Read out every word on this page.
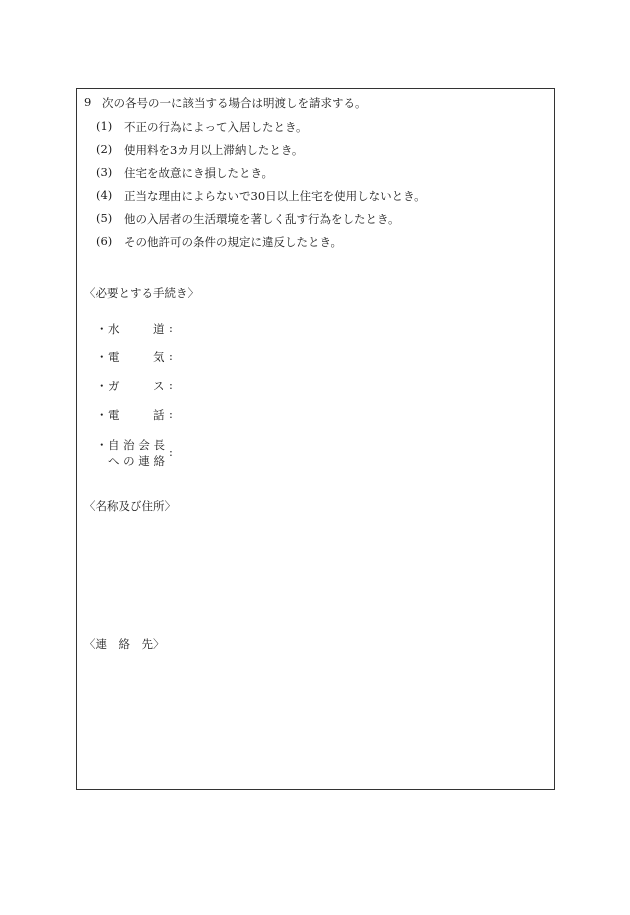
9 次の各号の一に該当する場合は明渡しを請求する。
(1) 不正の行為によって入居したとき。
(2) 使用料を3カ月以上滞納したとき。
(3) 住宅を故意にき損したとき。
(4) 正当な理由によらないで30日以上住宅を使用しないとき。
(5) 他の入居者の生活環境を著しく乱す行為をしたとき。
(6) その他許可の条件の規定に違反したとき。
〈必要とする手続き〉
・ 水	道 :
・ 電	気 :
・ ガ	ス :
・ 電	話 :
・ 自 治 会 長
へ の 連 絡
:
〈名称及び住所〉
〈連　絡　先〉
